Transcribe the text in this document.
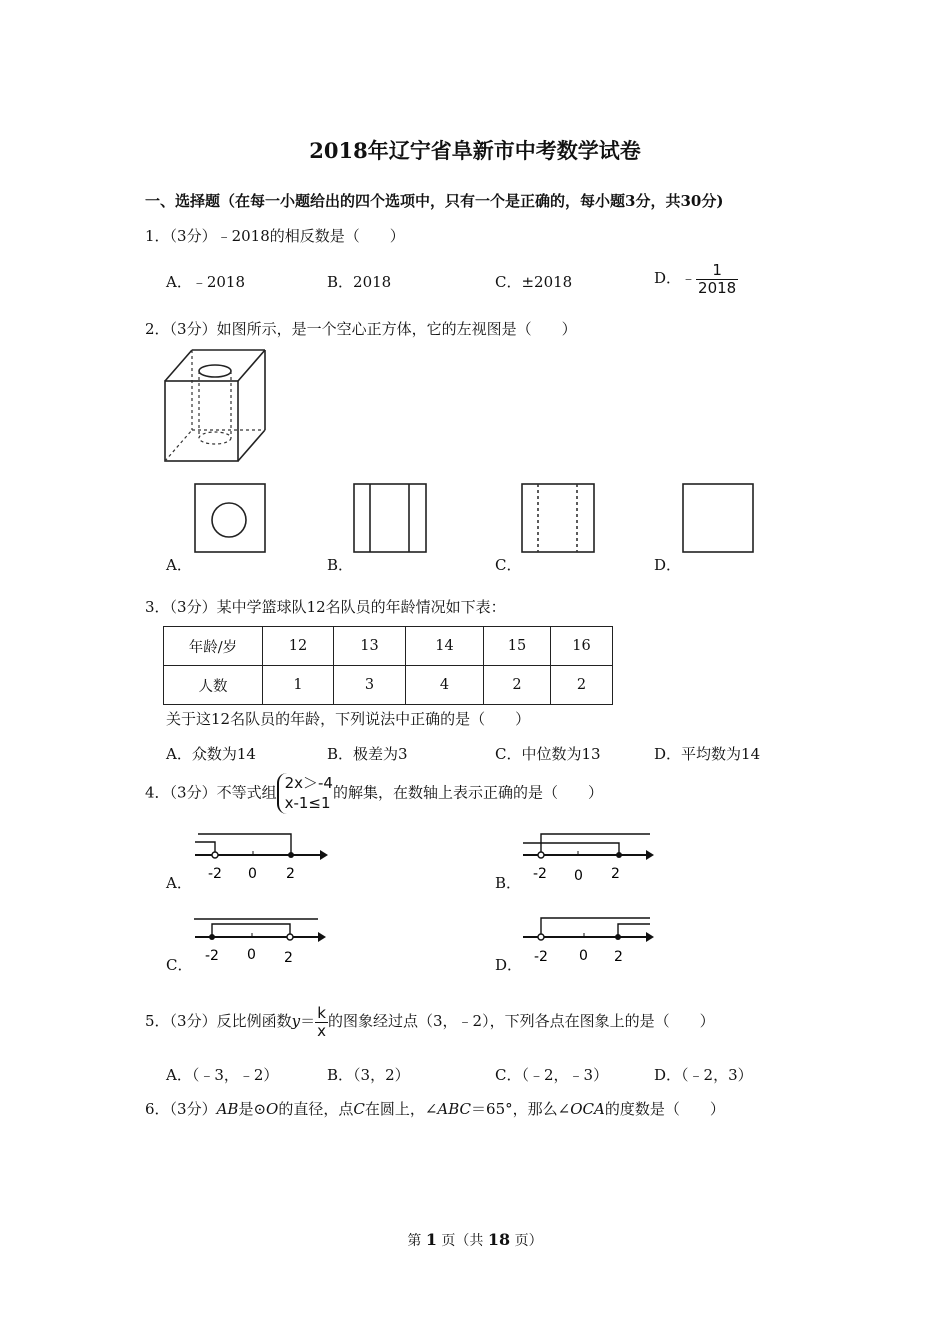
2018年辽宁省阜新市中考数学试卷
一、选择题（在每一小题给出的四个选项中，只有一个是正确的，每小题3分，共30分)
1．（3分）﹣2018的相反数是（　　）
A．﹣2018	B．2018	C．±2018	D．﹣ $\frac{1}{2018}$
2．（3分）如图所示，是一个空心正方体，它的左视图是（　　）
A．	B．	C．	D．
3．（3分）某中学篮球队12名队员的年龄情况如下表：
年龄/岁	12	13	14	15	16
人数	1	3	4	2	2
关于这12名队员的年龄，下列说法中正确的是（　　）
A．众数为14	B．极差为3	C．中位数为13	D．平均数为14
4．（3分）不等式组
2x＞-4
x-1≤1
的解集，在数轴上表示正确的是（　　）
-2 0 2
A．	-2 0 2
B．
-2 0 2
C．	-2 0 2
D．
5．（3分）反比例函数$y= \frac{k}{x}$ 的图象经过点（3，﹣2），下列各点在图象上的是（　　）
A．（﹣3，﹣2）	B．（3，2）	C．（﹣2，﹣3）	D．（﹣2，3）
6．（3分）AB是⊙O的直径，点C在圆上，∠ABC＝65°，那么∠OCA的度数是（　　）
第 1 页（共 18 页）
